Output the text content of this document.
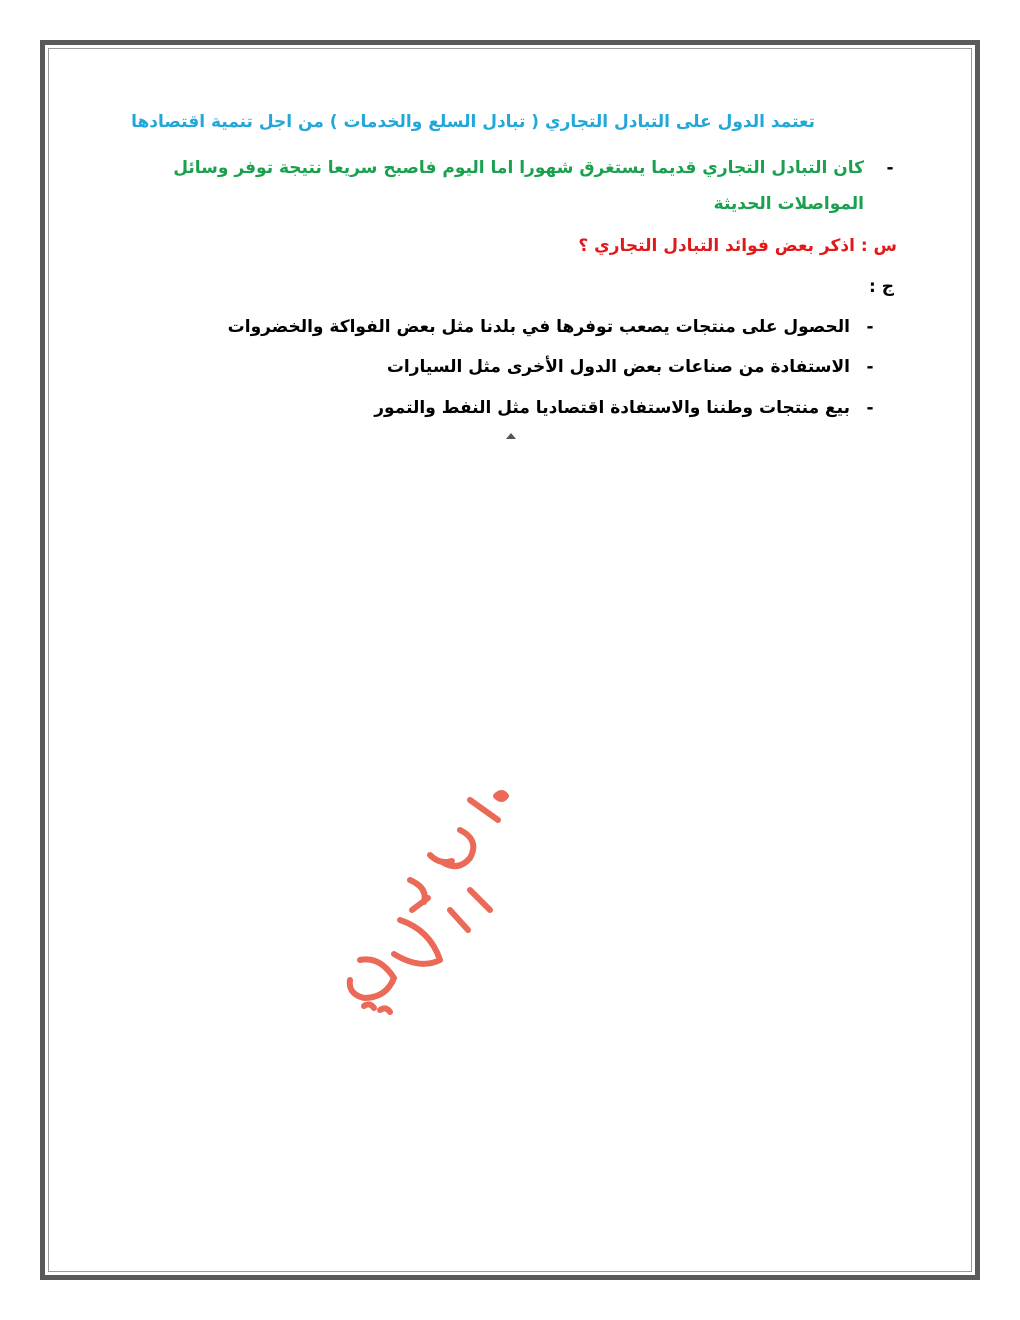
تعتمد الدول على التبادل التجاري ( تبادل السلع والخدمات ) من اجل تنمية اقتصادها
-
كان التبادل التجاري قديما يستغرق شهورا اما اليوم فاصبح سريعا نتيجة توفر وسائل المواصلات الحديثة
س : اذكر بعض فوائد التبادل التجاري ؟
ج :
-الحصول على منتجات يصعب توفرها في بلدنا مثل بعض الفواكة والخضروات
-الاستفادة من صناعات بعض الدول الأخرى مثل السيارات
-بيع منتجات وطننا والاستفادة اقتصاديا مثل النفط والتمور
